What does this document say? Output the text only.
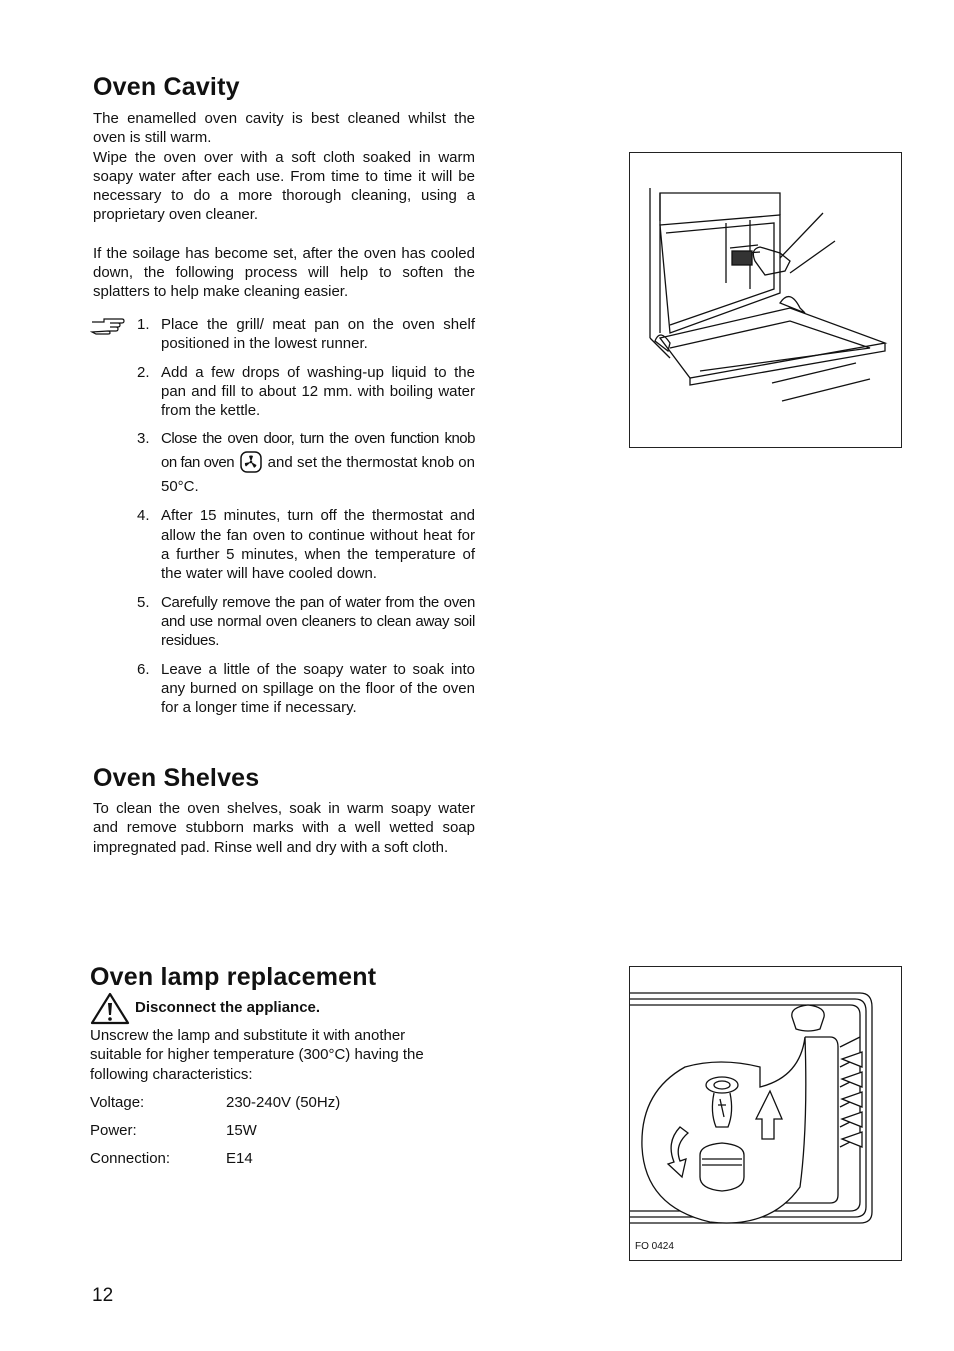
Oven Cavity
The enamelled oven cavity is best cleaned whilst the oven is still warm.
Wipe the oven over with a soft cloth soaked in warm soapy water after each use. From time to time it will be necessary to do a more thorough cleaning, using a proprietary oven cleaner.
If the soilage has become set, after the oven has cooled down, the following process will help to soften the splatters to help make cleaning easier.
1. Place the grill/ meat pan on the oven shelf positioned in the lowest runner.
2. Add a few drops of washing-up liquid to the pan and fill to about 12 mm. with boiling water from the kettle.
3. Close the oven door, turn the oven function knob on fan oven and set the thermostat knob on 50°C.
4. After 15 minutes, turn off the thermostat and allow the fan oven to continue without heat for a further 5 minutes, when the temperature of the water will have cooled down.
5. Carefully remove the pan of water from the oven and use normal oven cleaners to clean away soil residues.
6. Leave a little of the soapy water to soak into any burned on spillage on the floor of the oven for a longer time if necessary.
Oven Shelves
To clean the oven shelves, soak in warm soapy water and remove stubborn marks with a well wetted soap impregnated pad. Rinse well and dry with a soft cloth.
Oven lamp replacement
Disconnect the appliance.
Unscrew the lamp and substitute it with another suitable for higher temperature (300°C) having the following characteristics:
Voltage:	230-240V (50Hz)
Power:	15W
Connection:	E14
FO 0424
12
